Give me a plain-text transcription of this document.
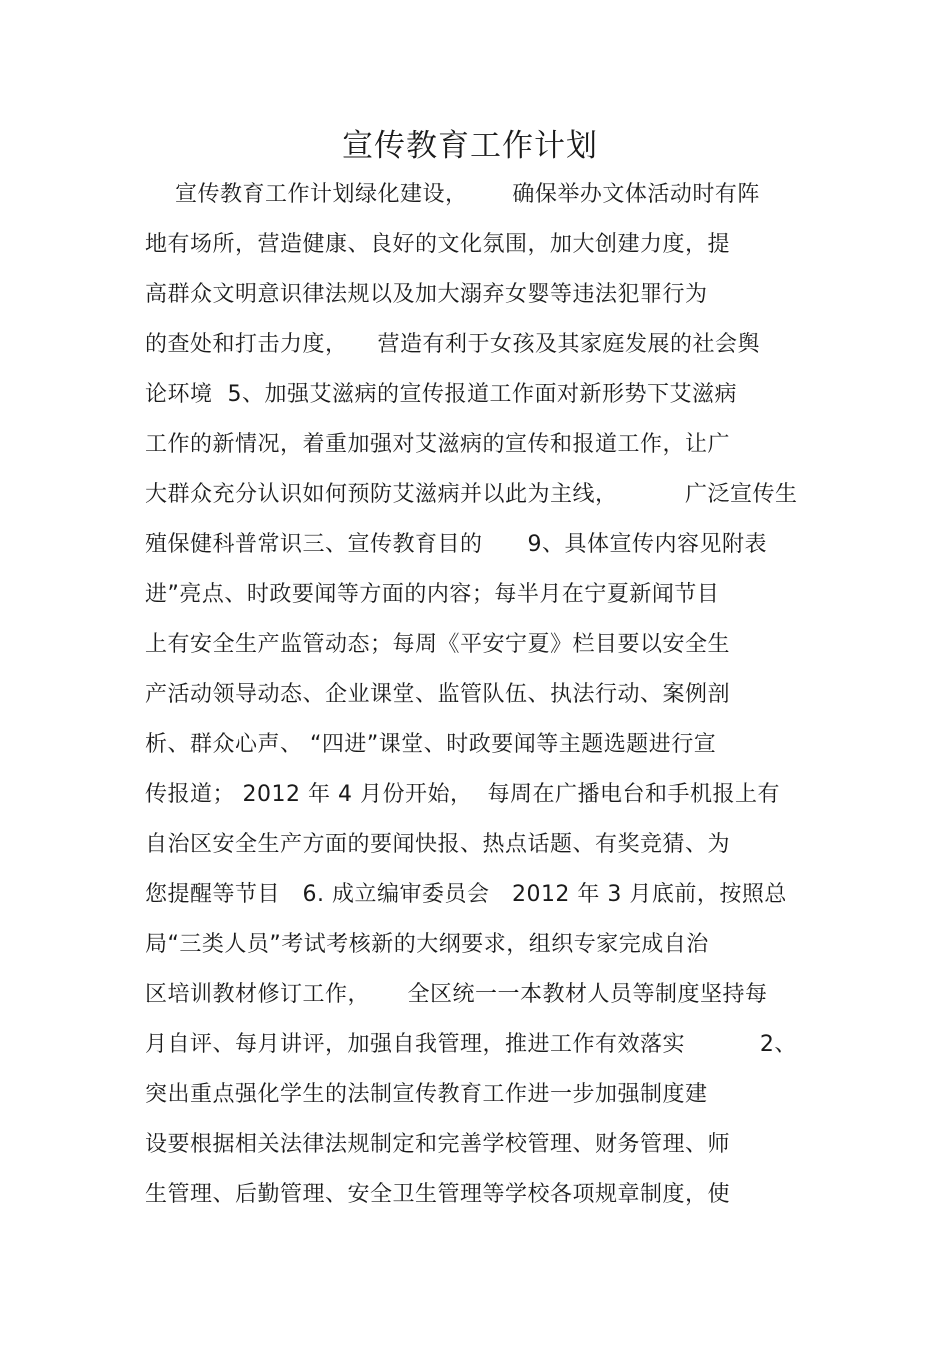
宣传教育工作计划
宣传教育工作计划绿化建设，      确保举办文体活动时有阵
地有场所，营造健康、良好的文化氛围，加大创建力度，提
高群众文明意识律法规以及加大溺弃女婴等违法犯罪行为
的查处和打击力度，    营造有利于女孩及其家庭发展的社会舆
论环境  5、加强艾滋病的宣传报道工作面对新形势下艾滋病
工作的新情况，着重加强对艾滋病的宣传和报道工作，让广
大群众充分认识如何预防艾滋病并以此为主线，         广泛宣传生
殖保健科普常识三、宣传教育目的      9、具体宣传内容见附表
进”亮点、时政要闻等方面的内容；每半月在宁夏新闻节目
上有安全生产监管动态；每周《平安宁夏》栏目要以安全生
产活动领导动态、企业课堂、监管队伍、执法行动、案例剖
析、群众心声、 “四进”课堂、时政要闻等主题选题进行宣
传报道； 2012 年 4 月份开始，  每周在广播电台和手机报上有
自治区安全生产方面的要闻快报、热点话题、有奖竞猜、为
您提醒等节目   6. 成立编审委员会   2012 年 3 月底前，按照总
局“三类人员”考试考核新的大纲要求，组织专家完成自治
区培训教材修订工作，     全区统一一本教材人员等制度坚持每
月自评、每月讲评，加强自我管理，推进工作有效落实          2、
突出重点强化学生的法制宣传教育工作进一步加强制度建
设要根据相关法律法规制定和完善学校管理、财务管理、师
生管理、后勤管理、安全卫生管理等学校各项规章制度，使
